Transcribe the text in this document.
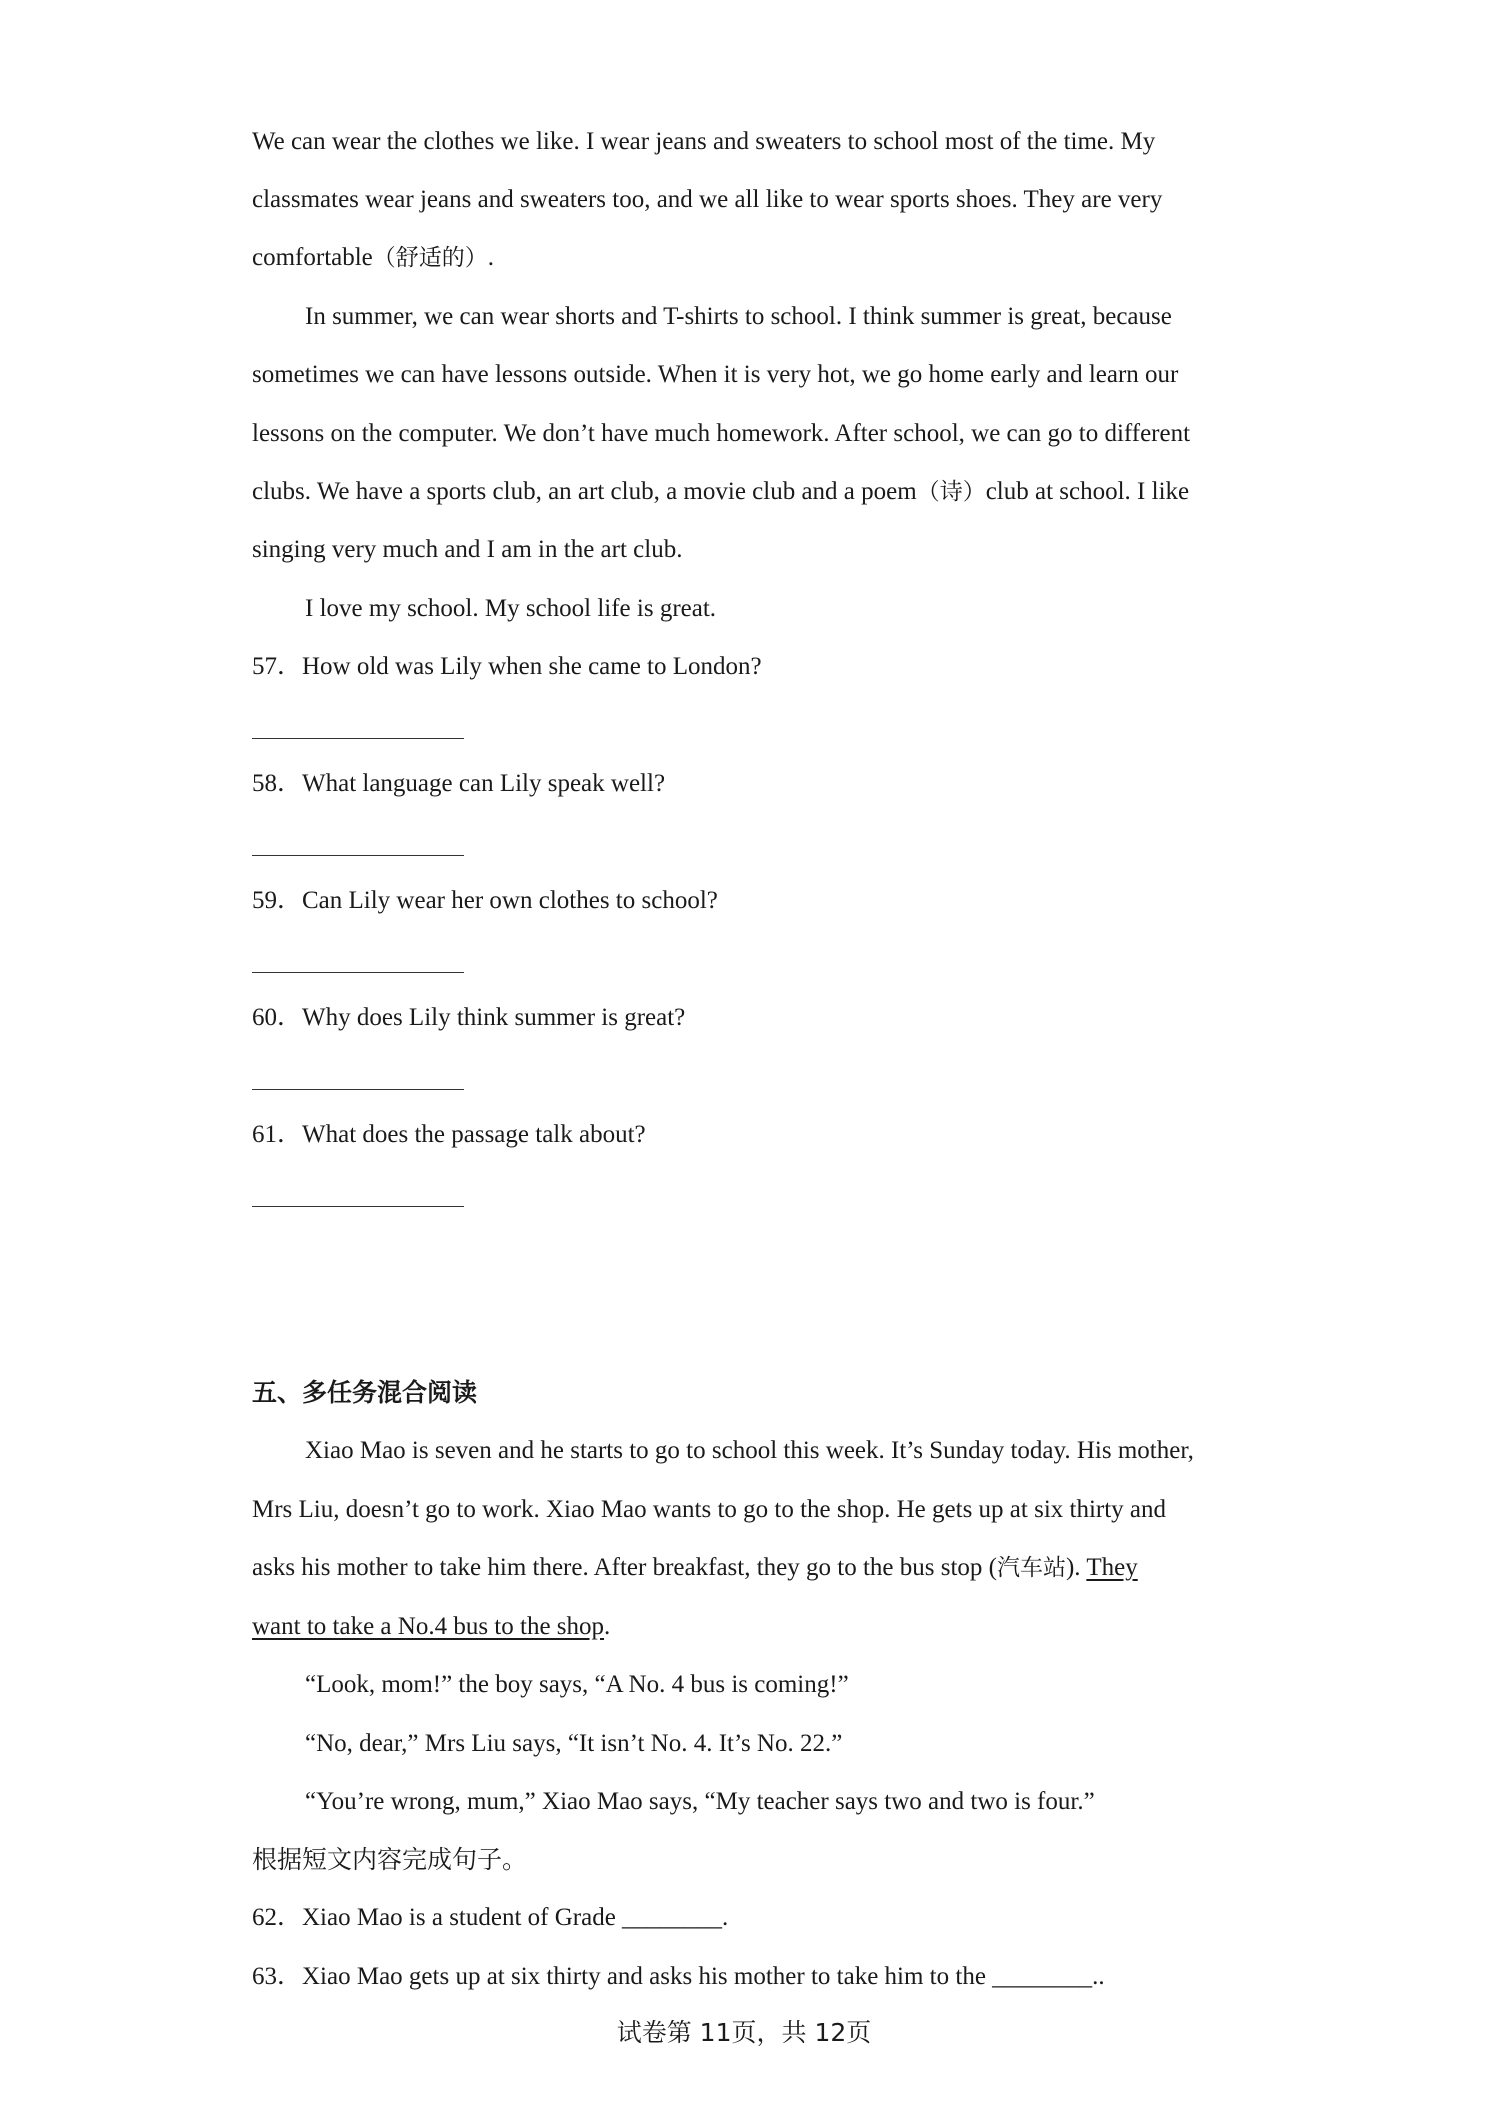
We can wear the clothes we like. I wear jeans and sweaters to school most of the time. My
classmates wear jeans and sweaters too, and we all like to wear sports shoes. They are very
comfortable（舒适的）.
In summer, we can wear shorts and T-shirts to school. I think summer is great, because
sometimes we can have lessons outside. When it is very hot, we go home early and learn our
lessons on the computer. We don’t have much homework. After school, we can go to different
clubs. We have a sports club, an art club, a movie club and a poem（诗）club at school. I like
singing very much and I am in the art club.
I love my school. My school life is great.
57．How old was Lily when she came to London?
58．What language can Lily speak well?
59．Can Lily wear her own clothes to school?
60．Why does Lily think summer is great?
61．What does the passage talk about?
五、多任务混合阅读
Xiao Mao is seven and he starts to go to school this week. It’s Sunday today. His mother,
Mrs Liu, doesn’t go to work. Xiao Mao wants to go to the shop. He gets up at six thirty and
asks his mother to take him there. After breakfast, they go to the bus stop (汽车站). They
want to take a No.4 bus to the shop.
“Look, mom!” the boy says, “A No. 4 bus is coming!”
“No, dear,” Mrs Liu says, “It isn’t No. 4. It’s No. 22.”
“You’re wrong, mum,” Xiao Mao says, “My teacher says two and two is four.”
根据短文内容完成句子。
62．Xiao Mao is a student of Grade ________.
63．Xiao Mao gets up at six thirty and asks his mother to take him to the ________..
试卷第 11页，共 12页
